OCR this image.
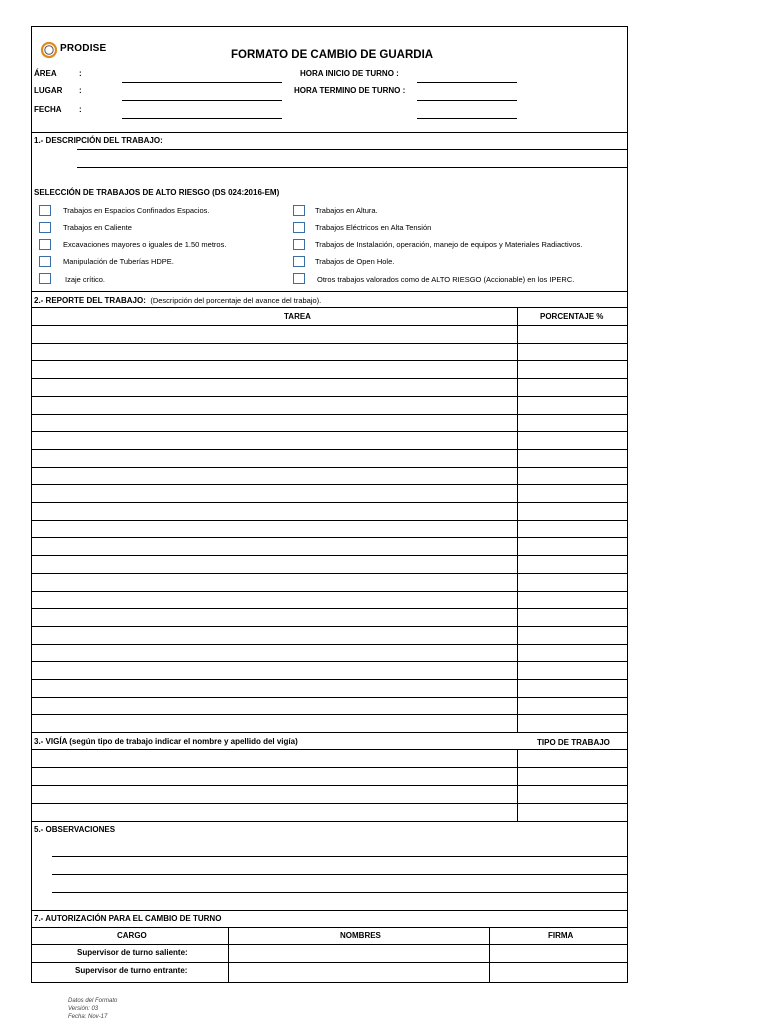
PRODISE
FORMATO DE CAMBIO DE GUARDIA
ÁREA	:
LUGAR :
FECHA :
HORA INICIO DE TURNO :
HORA TERMINO DE TURNO :
1.- DESCRIPCIÓN DEL TRABAJO:
SELECCIÓN DE TRABAJOS DE ALTO RIESGO (DS 024:2016-EM)
Trabajos en Espacios Confinados Espacios.
Trabajos en Caliente
Excavaciones mayores o iguales de 1.50 metros.
Manipulación de Tuberías HDPE.
Izaje crítico.
Trabajos en Altura.
Trabajos Eléctricos en Alta Tensión
Trabajos de Instalación, operación, manejo de equipos y Materiales Radiactivos.
Trabajos de Open Hole.
Otros trabajos valorados como de ALTO RIESGO (Accionable) en los IPERC.
2.- REPORTE DEL TRABAJO: (Descripción del porcentaje del avance del trabajo).
TAREA	PORCENTAJE %
3.- VIGÍA (según tipo de trabajo indicar el nombre y apellido del vigía)	TIPO DE TRABAJO
5.- OBSERVACIONES
7.- AUTORIZACIÓN PARA EL CAMBIO DE TURNO
CARGO	NOMBRES	FIRMA
Supervisor de turno saliente:
Supervisor de turno entrante:
Datos del Formato
Versión: 03
Fecha: Nov-17
